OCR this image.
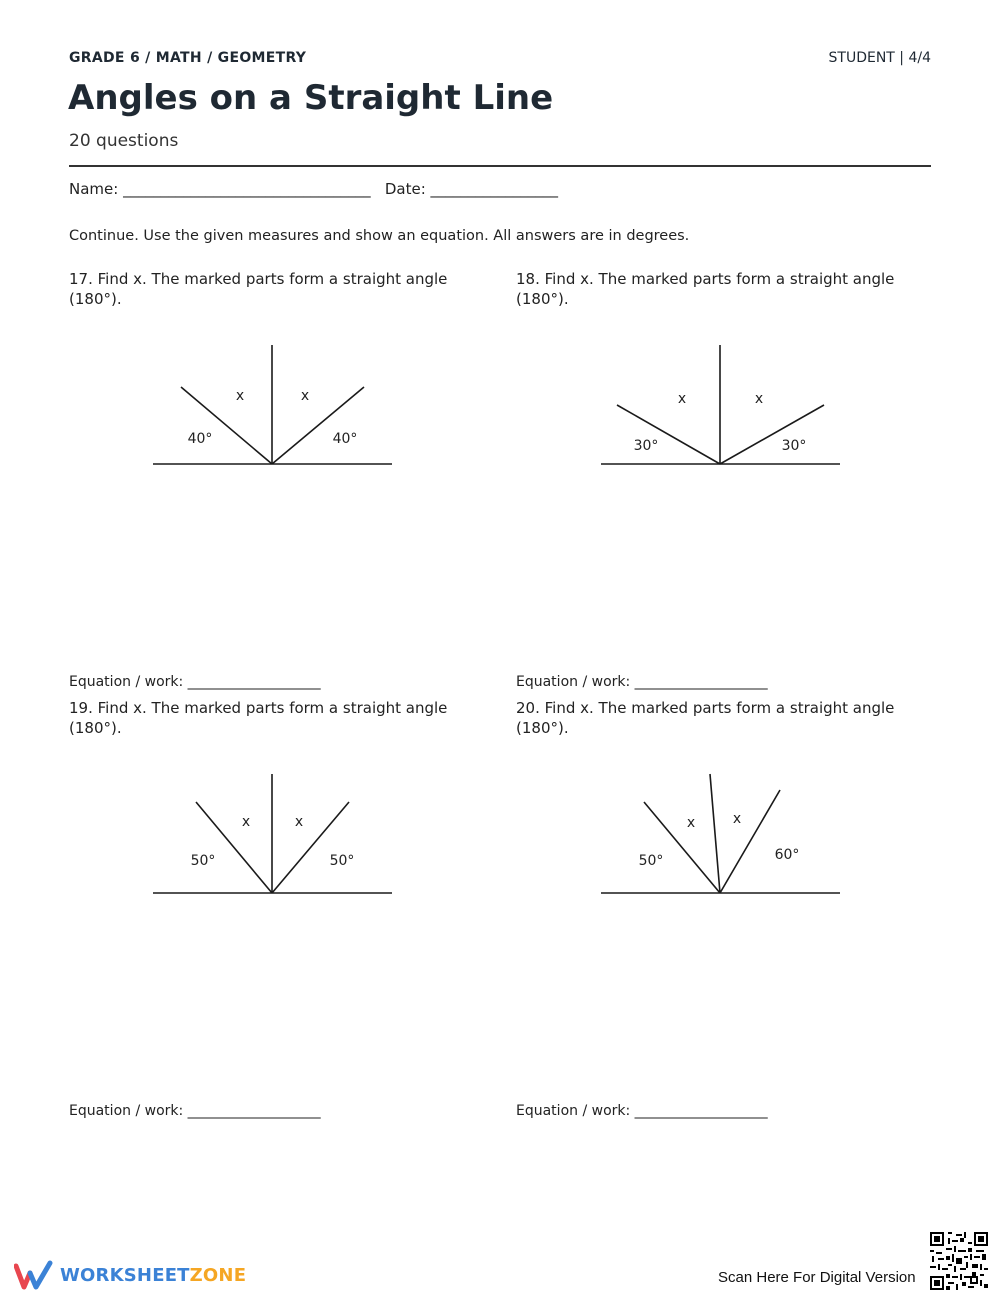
GRADE 6 / MATH / GEOMETRY	STUDENT | 4/4
Angles on a Straight Line
20 questions
Name: _________________________________   Date: _________________
Continue. Use the given measures and show an equation. All answers are in degrees.
17. Find x. The marked parts form a straight angle (180°).
x	x
40°	40°
Equation / work: ___________________
18. Find x. The marked parts form a straight angle (180°).
x	x
30°	30°
Equation / work: ___________________
19. Find x. The marked parts form a straight angle (180°).
x	x
50°	50°
Equation / work: ___________________
20. Find x. The marked parts form a straight angle (180°).
x	x
50°	60°
Equation / work: ___________________
WORKSHEETZONE	Scan Here For Digital Version
